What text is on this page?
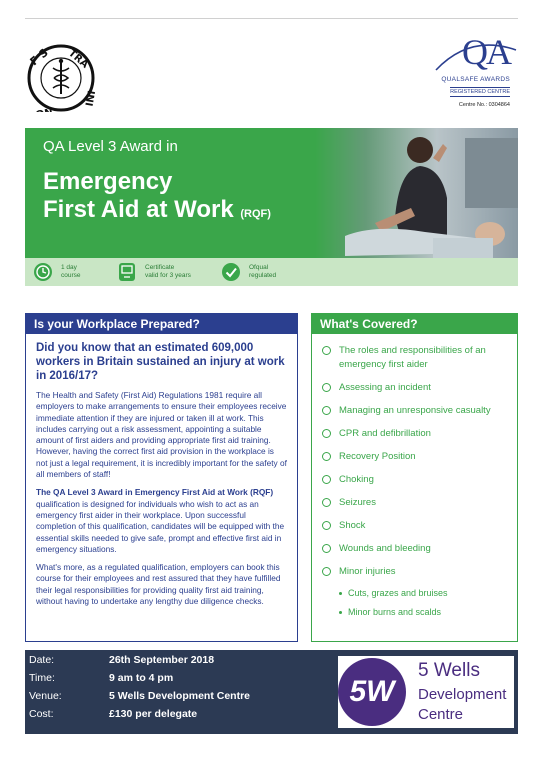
F S TRA
INI
NG
QA
QUALSAFE AWARDS
REGISTERED CENTRE
Centre No.: 0304864
QA Level 3 Award in
Emergency
First Aid at Work (RQF)
1 day
course
Certificate
valid for 3 years
Ofqual
regulated
Is your Workplace Prepared?
Did you know that an estimated 609,000 workers in Britain sustained an injury at work in 2016/17?
The Health and Safety (First Aid) Regulations 1981 require all employers to make arrangements to ensure their employees receive immediate attention if they are injured or taken ill at work. This includes carrying out a risk assessment, appointing a suitable amount of first aiders and providing appropriate first aid training. However, having the correct first aid provision in the workplace is not just a legal requirement, it is incredibly important for the safety of all members of staff!
The QA Level 3 Award in Emergency First Aid at Work (RQF) qualification is designed for individuals who wish to act as an emergency first aider in their workplace. Upon successful completion of this qualification, candidates will be equipped with the essential skills needed to give safe, prompt and effective first aid in emergency situations.
What's more, as a regulated qualification, employers can book this course for their employees and rest assured that they have fulfilled their legal responsibilities for providing quality first aid training, without having to undertake any lengthy due diligence checks.
What's Covered?
The roles and responsibilities of an emergency first aider
Assessing an incident
Managing an unresponsive casualty
CPR and defibrillation
Recovery Position
Choking
Seizures
Shock
Wounds and bleeding
Minor injuries
Cuts, grazes and bruises
Minor burns and scalds
Date:	26th September 2018
Time:	9 am to 4 pm
Venue:	5 Wells Development Centre
Cost:	£130 per delegate
5W
5 Wells
Development
Centre
